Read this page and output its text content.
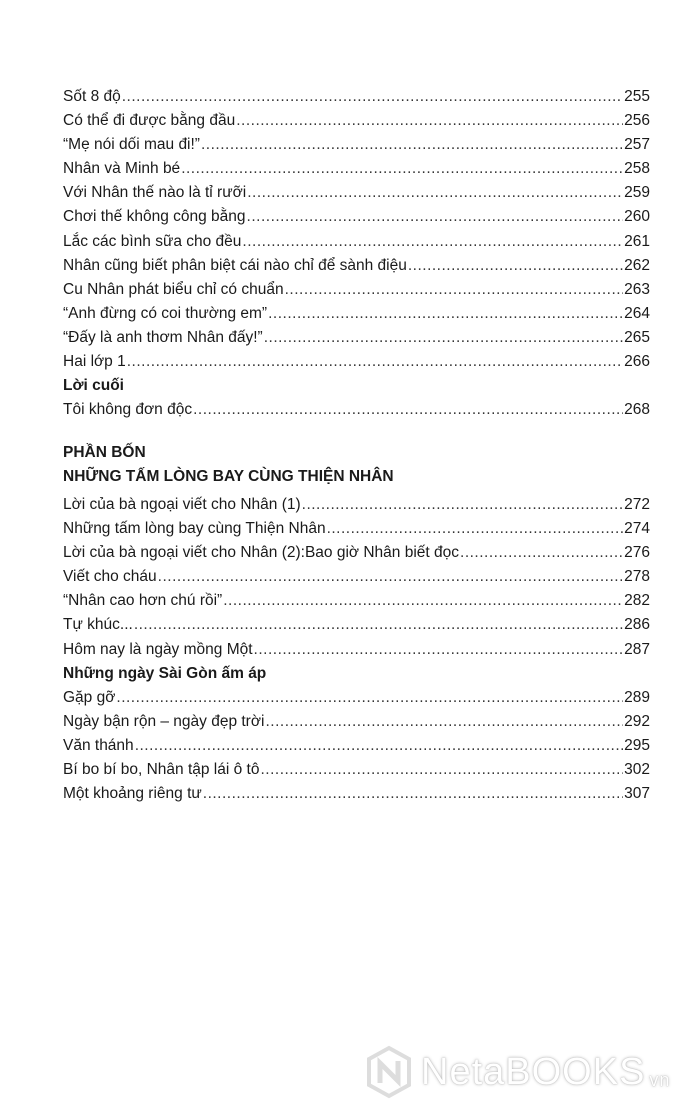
Sốt 8 độ .....	255
Có thể đi được bằng đầu .....	256
“Mẹ nói dối mau đi!” .....	257
Nhân và Minh bé .....	258
Với Nhân thế nào là tỉ rưỡi .....	259
Chơi thế không công bằng .....	260
Lắc các bình sữa cho đều .....	261
Nhân cũng biết phân biệt cái nào chỉ để sành điệu .....	262
Cu Nhân phát biểu chỉ có chuẩn .....	263
“Anh đừng có coi thường em” .....	264
“Đấy là anh thơm Nhân đấy!” .....	265
Hai lớp 1 .....	266
Lời cuối
Tôi không đơn độc .....	268
PHẦN BỐN
NHỮNG TẤM LÒNG BAY CÙNG THIỆN NHÂN
Lời của bà ngoại viết cho Nhân (1) .....	272
Những tấm lòng bay cùng Thiện Nhân .....	274
Lời của bà ngoại viết cho Nhân (2):Bao giờ Nhân biết đọc .....	276
Viết cho cháu .....	278
“Nhân cao hơn chú rồi” .....	282
Tự khúc... .....	286
Hôm nay là ngày mồng Một .....	287
Những ngày Sài Gòn ấm áp
Gặp gỡ .....	289
Ngày bận rộn – ngày đẹp trời .....	292
Văn thánh .....	295
Bí bo bí bo, Nhân tập lái ô tô .....	302
Một khoảng riêng tư .....	307
NetaBOOKS vn
